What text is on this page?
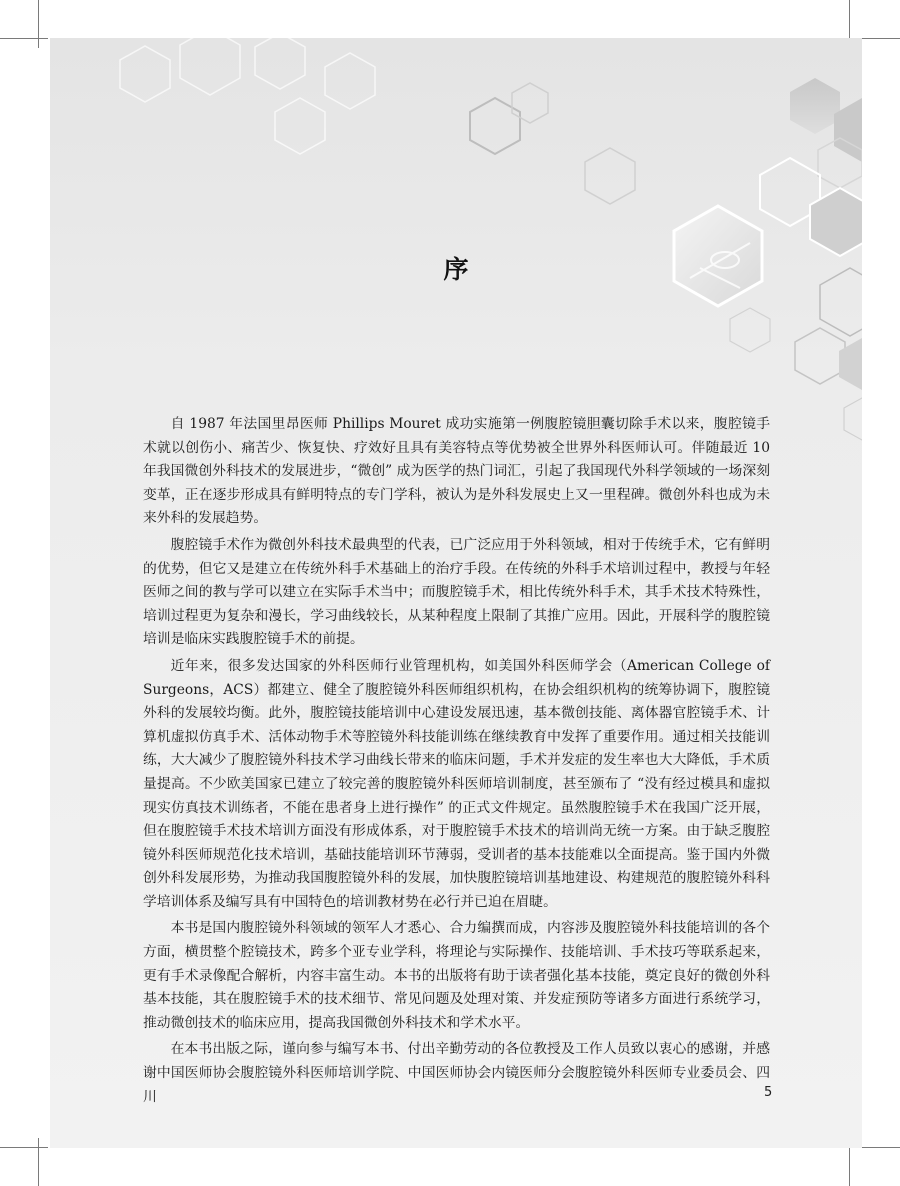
序

自 1987 年法国里昂医师 Phillips Mouret 成功实施第一例腹腔镜胆囊切除手术以来，腹腔镜手术就以创伤小、痛苦少、恢复快、疗效好且具有美容特点等优势被全世界外科医师认可。伴随最近 10 年我国微创外科技术的发展进步，“微创” 成为医学的热门词汇，引起了我国现代外科学领域的一场深刻变革，正在逐步形成具有鲜明特点的专门学科，被认为是外科发展史上又一里程碑。微创外科也成为未来外科的发展趋势。

腹腔镜手术作为微创外科技术最典型的代表，已广泛应用于外科领域，相对于传统手术，它有鲜明的优势，但它又是建立在传统外科手术基础上的治疗手段。在传统的外科手术培训过程中，教授与年轻医师之间的教与学可以建立在实际手术当中；而腹腔镜手术，相比传统外科手术，其手术技术特殊性，培训过程更为复杂和漫长，学习曲线较长，从某种程度上限制了其推广应用。因此，开展科学的腹腔镜培训是临床实践腹腔镜手术的前提。

近年来，很多发达国家的外科医师行业管理机构，如美国外科医师学会（American College of Surgeons，ACS）都建立、健全了腹腔镜外科医师组织机构，在协会组织机构的统筹协调下，腹腔镜外科的发展较均衡。此外，腹腔镜技能培训中心建设发展迅速，基本微创技能、离体器官腔镜手术、计算机虚拟仿真手术、活体动物手术等腔镜外科技能训练在继续教育中发挥了重要作用。通过相关技能训练，大大减少了腹腔镜外科技术学习曲线长带来的临床问题，手术并发症的发生率也大大降低，手术质量提高。不少欧美国家已建立了较完善的腹腔镜外科医师培训制度，甚至颁布了 “没有经过模具和虚拟现实仿真技术训练者，不能在患者身上进行操作” 的正式文件规定。虽然腹腔镜手术在我国广泛开展，但在腹腔镜手术技术培训方面没有形成体系，对于腹腔镜手术技术的培训尚无统一方案。由于缺乏腹腔镜外科医师规范化技术培训，基础技能培训环节薄弱，受训者的基本技能难以全面提高。鉴于国内外微创外科发展形势，为推动我国腹腔镜外科的发展，加快腹腔镜培训基地建设、构建规范的腹腔镜外科科学培训体系及编写具有中国特色的培训教材势在必行并已迫在眉睫。

本书是国内腹腔镜外科领域的领军人才悉心、合力编撰而成，内容涉及腹腔镜外科技能培训的各个方面，横贯整个腔镜技术，跨多个亚专业学科，将理论与实际操作、技能培训、手术技巧等联系起来，更有手术录像配合解析，内容丰富生动。本书的出版将有助于读者强化基本技能，奠定良好的微创外科基本技能，其在腹腔镜手术的技术细节、常见问题及处理对策、并发症预防等诸多方面进行系统学习，推动微创技术的临床应用，提高我国微创外科技术和学术水平。

在本书出版之际，谨向参与编写本书、付出辛勤劳动的各位教授及工作人员致以衷心的感谢，并感谢中国医师协会腹腔镜外科医师培训学院、中国医师协会内镜医师分会腹腔镜外科医师专业委员会、四川	5
